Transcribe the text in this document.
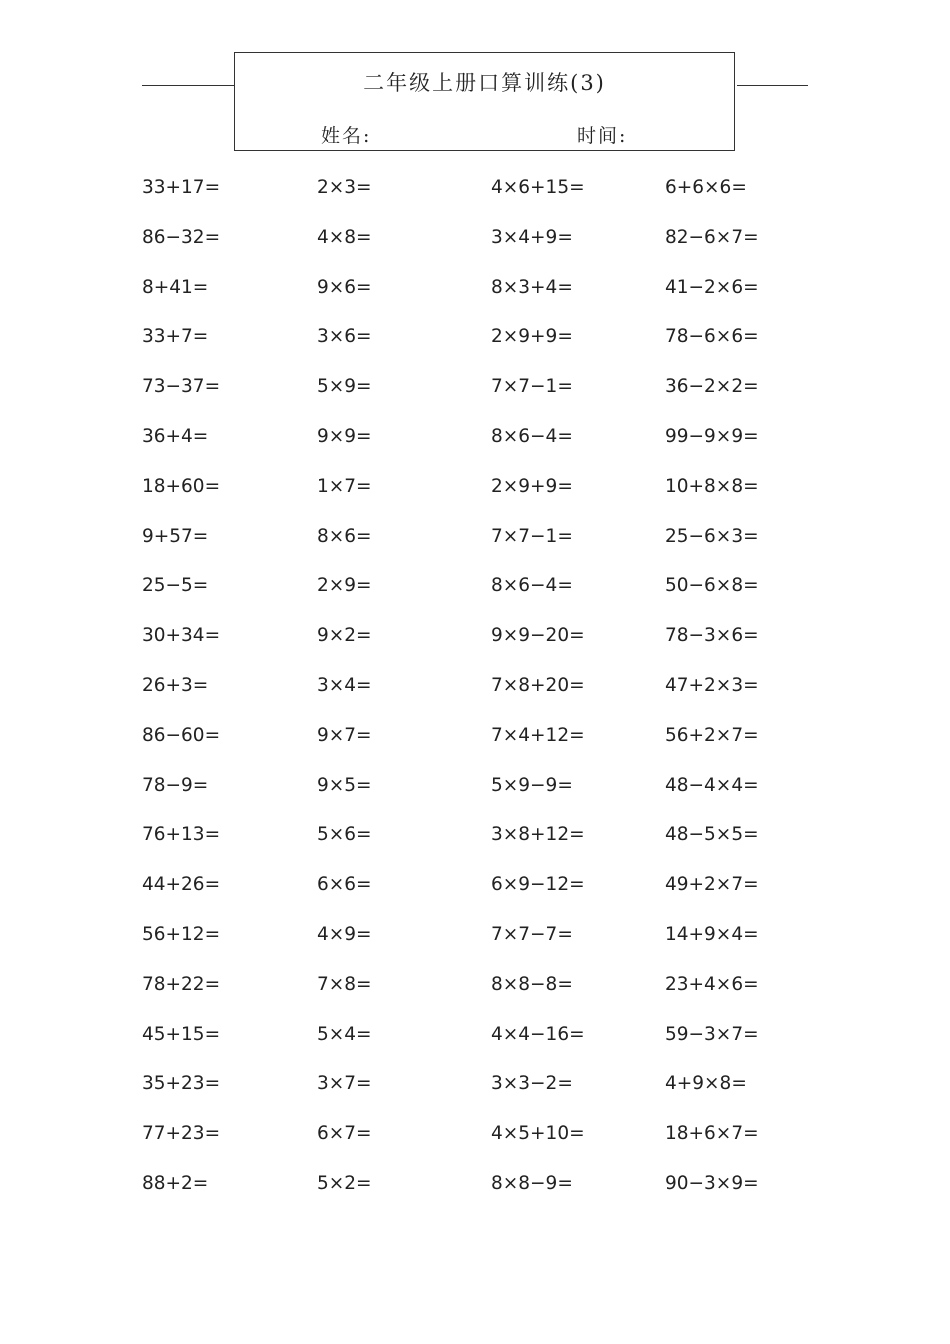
二年级上册口算训练(3)
姓名:	时间:
33+17=	2×3=	4×6+15=	6+6×6=
86−32=	4×8=	3×4+9=	82−6×7=
8+41=	9×6=	8×3+4=	41−2×6=
33+7=	3×6=	2×9+9=	78−6×6=
73−37=	5×9=	7×7−1=	36−2×2=
36+4=	9×9=	8×6−4=	99−9×9=
18+60=	1×7=	2×9+9=	10+8×8=
9+57=	8×6=	7×7−1=	25−6×3=
25−5=	2×9=	8×6−4=	50−6×8=
30+34=	9×2=	9×9−20=	78−3×6=
26+3=	3×4=	7×8+20=	47+2×3=
86−60=	9×7=	7×4+12=	56+2×7=
78−9=	9×5=	5×9−9=	48−4×4=
76+13=	5×6=	3×8+12=	48−5×5=
44+26=	6×6=	6×9−12=	49+2×7=
56+12=	4×9=	7×7−7=	14+9×4=
78+22=	7×8=	8×8−8=	23+4×6=
45+15=	5×4=	4×4−16=	59−3×7=
35+23=	3×7=	3×3−2=	4+9×8=
77+23=	6×7=	4×5+10=	18+6×7=
88+2=	5×2=	8×8−9=	90−3×9=
